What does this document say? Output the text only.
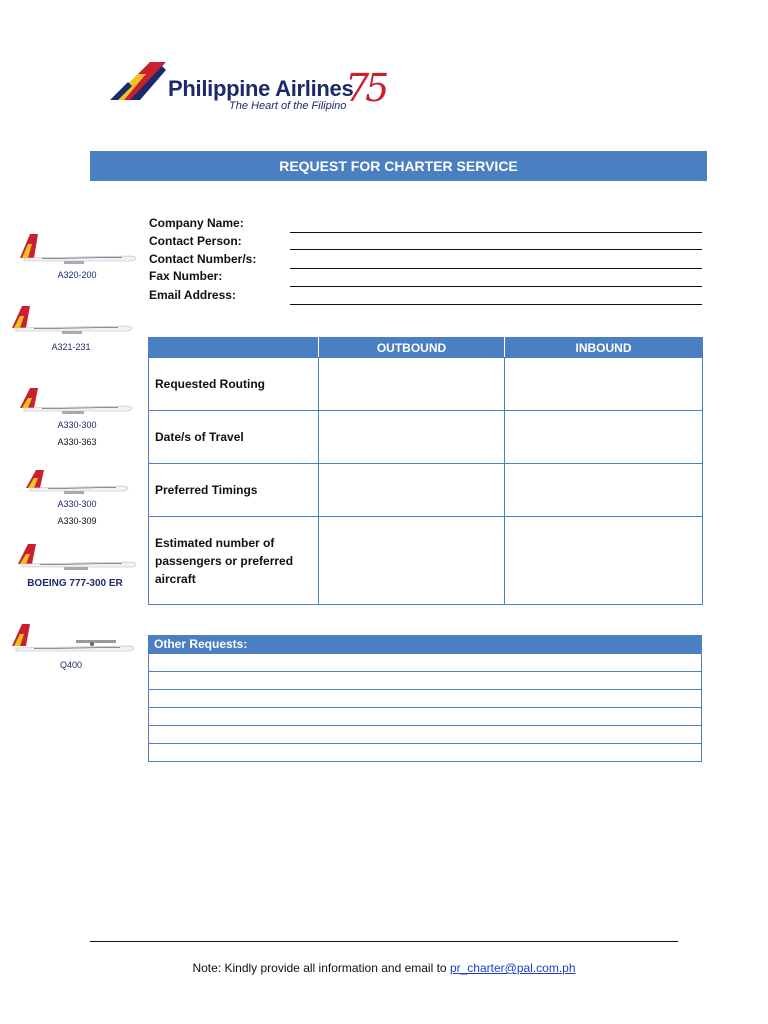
Philippine Airlines
The Heart of the Filipino
75
REQUEST FOR CHARTER SERVICE
Company Name:
Contact Person:
Contact Number/s:
Fax Number:
Email Address:
A320-200
A321-231
A330-300
A330-363
A330-300
A330-309
BOEING 777-300 ER
Q400
	OUTBOUND	INBOUND
Requested Routing		
Date/s of Travel		
Preferred Timings		
Estimated number of passengers or preferred aircraft		
Other Requests:
Note: Kindly provide all information and email to pr_charter@pal.com.ph
